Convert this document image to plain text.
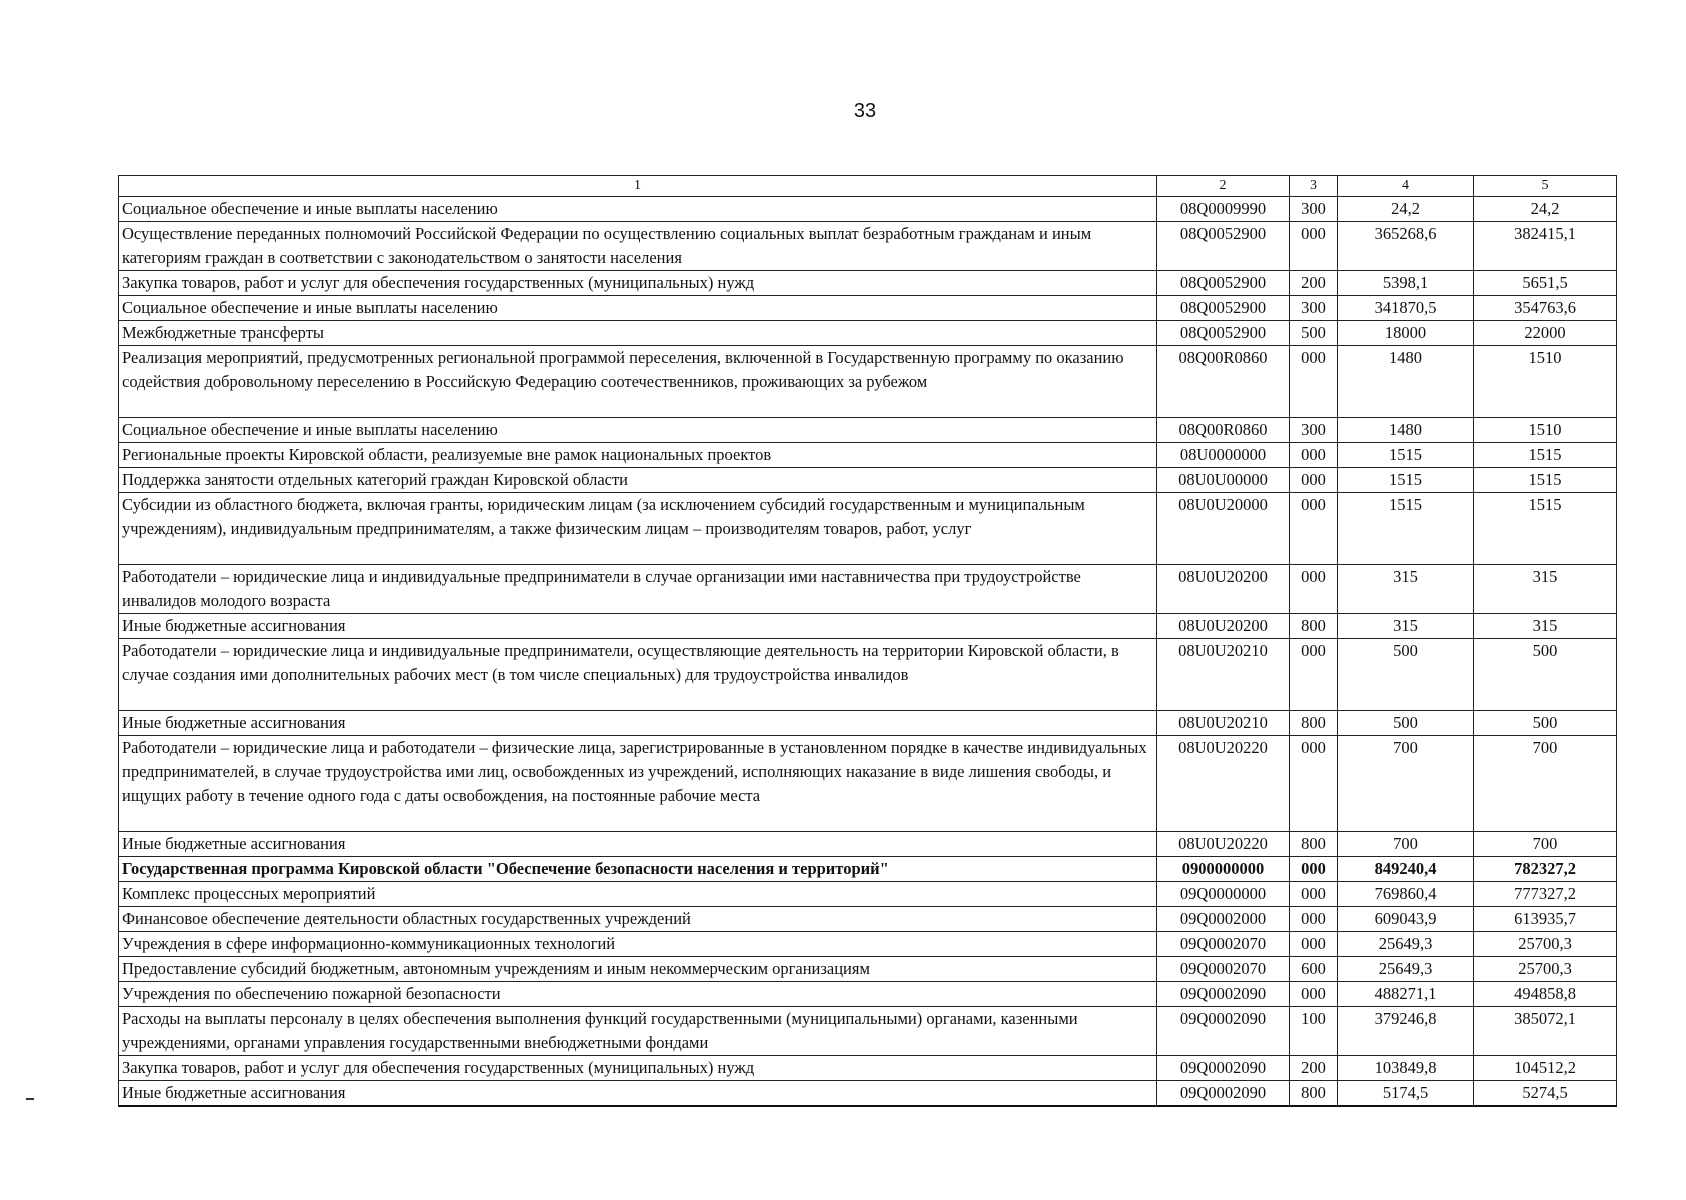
33
1	2	3	4	5
Социальное обеспечение и иные выплаты населению	08Q0009990	300	24,2	24,2
Осуществление переданных полномочий Российской Федерации по осуществлению социальных выплат безработным гражданам и иным категориям граждан в соответствии с законодательством о занятости населения	08Q0052900	000	365268,6	382415,1
Закупка товаров, работ и услуг для обеспечения государственных (муниципальных) нужд	08Q0052900	200	5398,1	5651,5
Социальное обеспечение и иные выплаты населению	08Q0052900	300	341870,5	354763,6
Межбюджетные трансферты	08Q0052900	500	18000	22000
Реализация мероприятий, предусмотренных региональной программой переселения, включенной в Государственную программу по оказанию содействия добровольному переселению в Российскую Федерацию соотечественников, проживающих за рубежом	08Q00R0860	000	1480	1510
Социальное обеспечение и иные выплаты населению	08Q00R0860	300	1480	1510
Региональные проекты Кировской области, реализуемые вне рамок национальных проектов	08U0000000	000	1515	1515
Поддержка занятости отдельных категорий граждан Кировской области	08U0U00000	000	1515	1515
Субсидии из областного бюджета, включая гранты, юридическим лицам (за исключением субсидий государственным и муниципальным учреждениям), индивидуальным предпринимателям, а также физическим лицам – производителям товаров, работ, услуг	08U0U20000	000	1515	1515
Работодатели – юридические лица и индивидуальные предприниматели в случае организации ими наставничества при трудоустройстве инвалидов молодого возраста	08U0U20200	000	315	315
Иные бюджетные ассигнования	08U0U20200	800	315	315
Работодатели – юридические лица и индивидуальные предприниматели, осуществляющие деятельность на территории Кировской области, в случае создания ими дополнительных рабочих мест (в том числе специальных) для трудоустройства инвалидов	08U0U20210	000	500	500
Иные бюджетные ассигнования	08U0U20210	800	500	500
Работодатели – юридические лица и работодатели – физические лица, зарегистрированные в установленном порядке в качестве индивидуальных предпринимателей, в случае трудоустройства ими лиц, освобожденных из учреждений, исполняющих наказание в виде лишения свободы, и ищущих работу в течение одного года с даты освобождения, на постоянные рабочие места	08U0U20220	000	700	700
Иные бюджетные ассигнования	08U0U20220	800	700	700
Государственная программа Кировской области "Обеспечение безопасности населения и территорий"	0900000000	000	849240,4	782327,2
Комплекс процессных мероприятий	09Q0000000	000	769860,4	777327,2
Финансовое обеспечение деятельности областных государственных учреждений	09Q0002000	000	609043,9	613935,7
Учреждения в сфере информационно-коммуникационных технологий	09Q0002070	000	25649,3	25700,3
Предоставление субсидий бюджетным, автономным учреждениям и иным некоммерческим организациям	09Q0002070	600	25649,3	25700,3
Учреждения по обеспечению пожарной безопасности	09Q0002090	000	488271,1	494858,8
Расходы на выплаты персоналу в целях обеспечения выполнения функций государственными (муниципальными) органами, казенными учреждениями, органами управления государственными внебюджетными фондами	09Q0002090	100	379246,8	385072,1
Закупка товаров, работ и услуг для обеспечения государственных (муниципальных) нужд	09Q0002090	200	103849,8	104512,2
Иные бюджетные ассигнования	09Q0002090	800	5174,5	5274,5
